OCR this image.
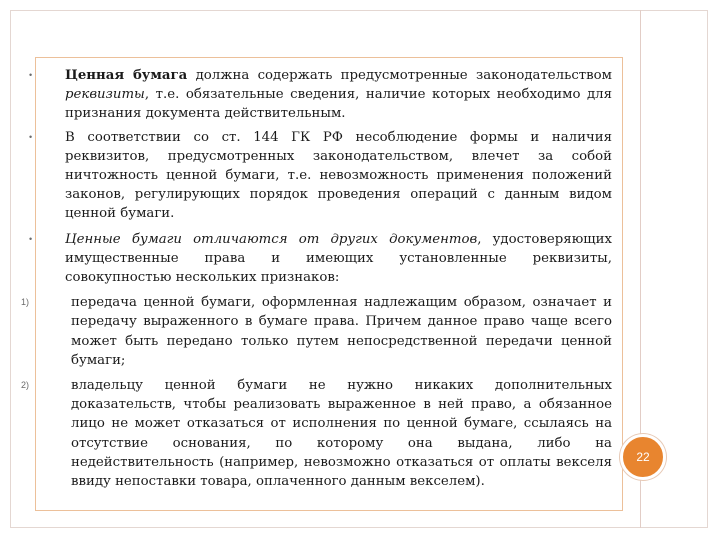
• Ценная бумага должна содержать предусмотренные законодательством реквизиты, т.е. обязательные сведения, наличие которых необходимо для признания документа действительным.

• В соответствии со ст. 144 ГК РФ несоблюдение формы и наличия реквизитов, предусмотренных законодательством, влечет за собой ничтожность ценной бумаги, т.е. невозможность применения положений законов, регулирующих порядок проведения операций с данным видом ценной бумаги.

• Ценные бумаги отличаются от других документов, удостоверяющих имущественные права и имеющих установленные реквизиты, совокупностью нескольких признаков:

1)	передача ценной бумаги, оформленная надлежащим образом, означает и передачу выраженного в бумаге права. Причем данное право чаще всего может быть передано только путем непосредственной передачи ценной бумаги;

2)	владельцу ценной бумаги не нужно никаких дополнительных доказательств, чтобы реализовать выраженное в ней право, а обязанное лицо не может отказаться от исполнения по ценной бумаге, ссылаясь на отсутствие основания, по которому она выдана, либо на недействительность (например, невозможно отказаться от оплаты векселя ввиду непоставки товара, оплаченного данным векселем).

22
